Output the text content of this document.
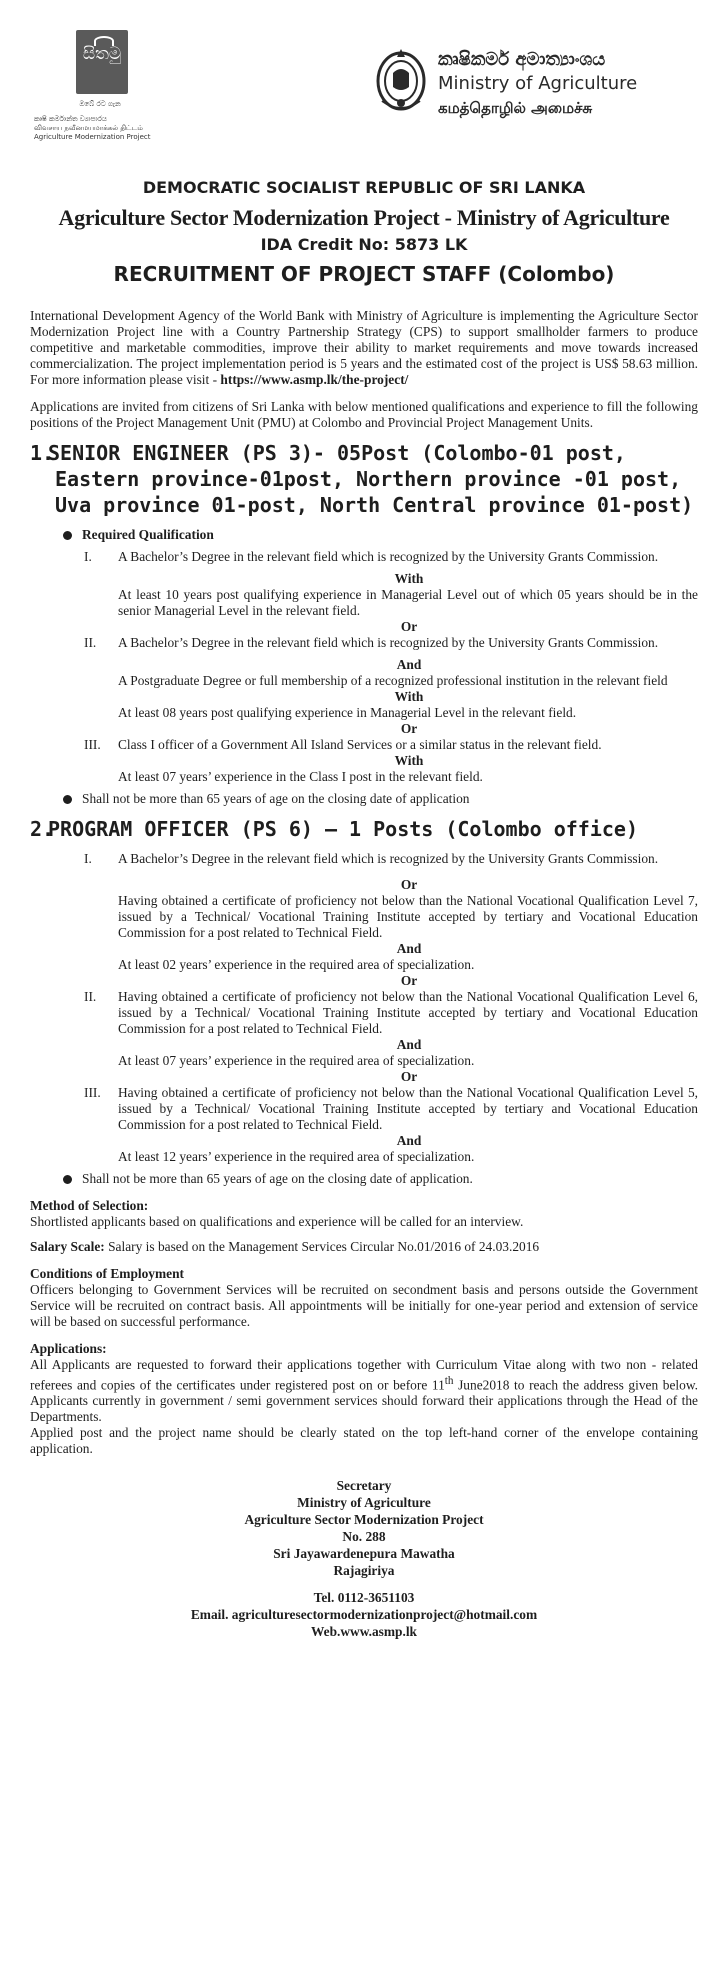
සිතමු
ඔබේ රට ගැන
කෘෂි කර්මාන්ත ව්‍යාපාරය
விவசாய நவீனமயமாக்கல் திட்டம்
Agriculture Modernization Project
කෘෂිකර්ම අමාත්‍යාංශය
Ministry of Agriculture
கமத்தொழில் அமைச்சு
DEMOCRATIC SOCIALIST REPUBLIC OF SRI LANKA
Agriculture Sector Modernization Project - Ministry of Agriculture
IDA Credit No: 5873 LK
RECRUITMENT OF PROJECT STAFF (Colombo)

International Development Agency of the World Bank with Ministry of Agriculture is implementing the Agriculture Sector Modernization Project line with a Country Partnership Strategy (CPS) to support smallholder farmers to produce competitive and marketable commodities, improve their ability to market requirements and move towards increased commercialization. The project implementation period is 5 years and the estimated cost of the project is US$ 58.63 million. For more information please visit - https://www.asmp.lk/the-project/

Applications are invited from citizens of Sri Lanka with below mentioned qualifications and experience to fill the following positions of the Project Management Unit (PMU) at Colombo and Provincial Project Management Units.

1.SENIOR ENGINEER (PS 3)- 05Post (Colombo-01 post,
Eastern province-01post, Northern province -01 post,
Uva province 01-post, North Central province 01-post)
Required Qualification
I. A Bachelor’s Degree in the relevant field which is recognized by the University Grants Commission.
With
At least 10 years post qualifying experience in Managerial Level out of which 05 years should be in the senior Managerial Level in the relevant field.
Or
II. A Bachelor’s Degree in the relevant field which is recognized by the University Grants Commission.
And
A Postgraduate Degree or full membership of a recognized professional institution in the relevant field
With
At least 08 years post qualifying experience in Managerial Level in the relevant field.
Or
III. Class I officer of a Government All Island Services or a similar status in the relevant field.
With
At least 07 years’ experience in the Class I post in the relevant field.
Shall not be more than 65 years of age on the closing date of application
2.PROGRAM OFFICER (PS 6) – 1 Posts (Colombo office)
I. A Bachelor’s Degree in the relevant field which is recognized by the University Grants Commission.
Or
Having obtained a certificate of proficiency not below than the National Vocational Qualification Level 7, issued by a Technical/ Vocational Training Institute accepted by tertiary and Vocational Education Commission for a post related to Technical Field.
And
At least 02 years’ experience in the required area of specialization.
Or
II. Having obtained a certificate of proficiency not below than the National Vocational Qualification Level 6, issued by a Technical/ Vocational Training Institute accepted by tertiary and Vocational Education Commission for a post related to Technical Field.
And
At least 07 years’ experience in the required area of specialization.
Or
III. Having obtained a certificate of proficiency not below than the National Vocational Qualification Level 5, issued by a Technical/ Vocational Training Institute accepted by tertiary and Vocational Education Commission for a post related to Technical Field.
And
At least 12 years’ experience in the required area of specialization.
Shall not be more than 65 years of age on the closing date of application.

Method of Selection:

Shortlisted applicants based on qualifications and experience will be called for an interview.

Salary Scale: Salary is based on the Management Services Circular No.01/2016 of 24.03.2016

Conditions of Employment

Officers belonging to Government Services will be recruited on secondment basis and persons outside the Government Service will be recruited on contract basis. All appointments will be initially for one-year period and extension of service will be based on successful performance.

Applications:

All Applicants are requested to forward their applications together with Curriculum Vitae along with two non - related referees and copies of the certificates under registered post on or before 11th June2018 to reach the address given below. Applicants currently in government / semi government services should forward their applications through the Head of the Departments.

Applied post and the project name should be clearly stated on the top left-hand corner of the envelope containing application.

Secretary
Ministry of Agriculture
Agriculture Sector Modernization Project
No. 288
Sri Jayawardenepura Mawatha
Rajagiriya
Tel. 0112-3651103
Email. agriculturesectormodernizationproject@hotmail.com
Web.www.asmp.lk
